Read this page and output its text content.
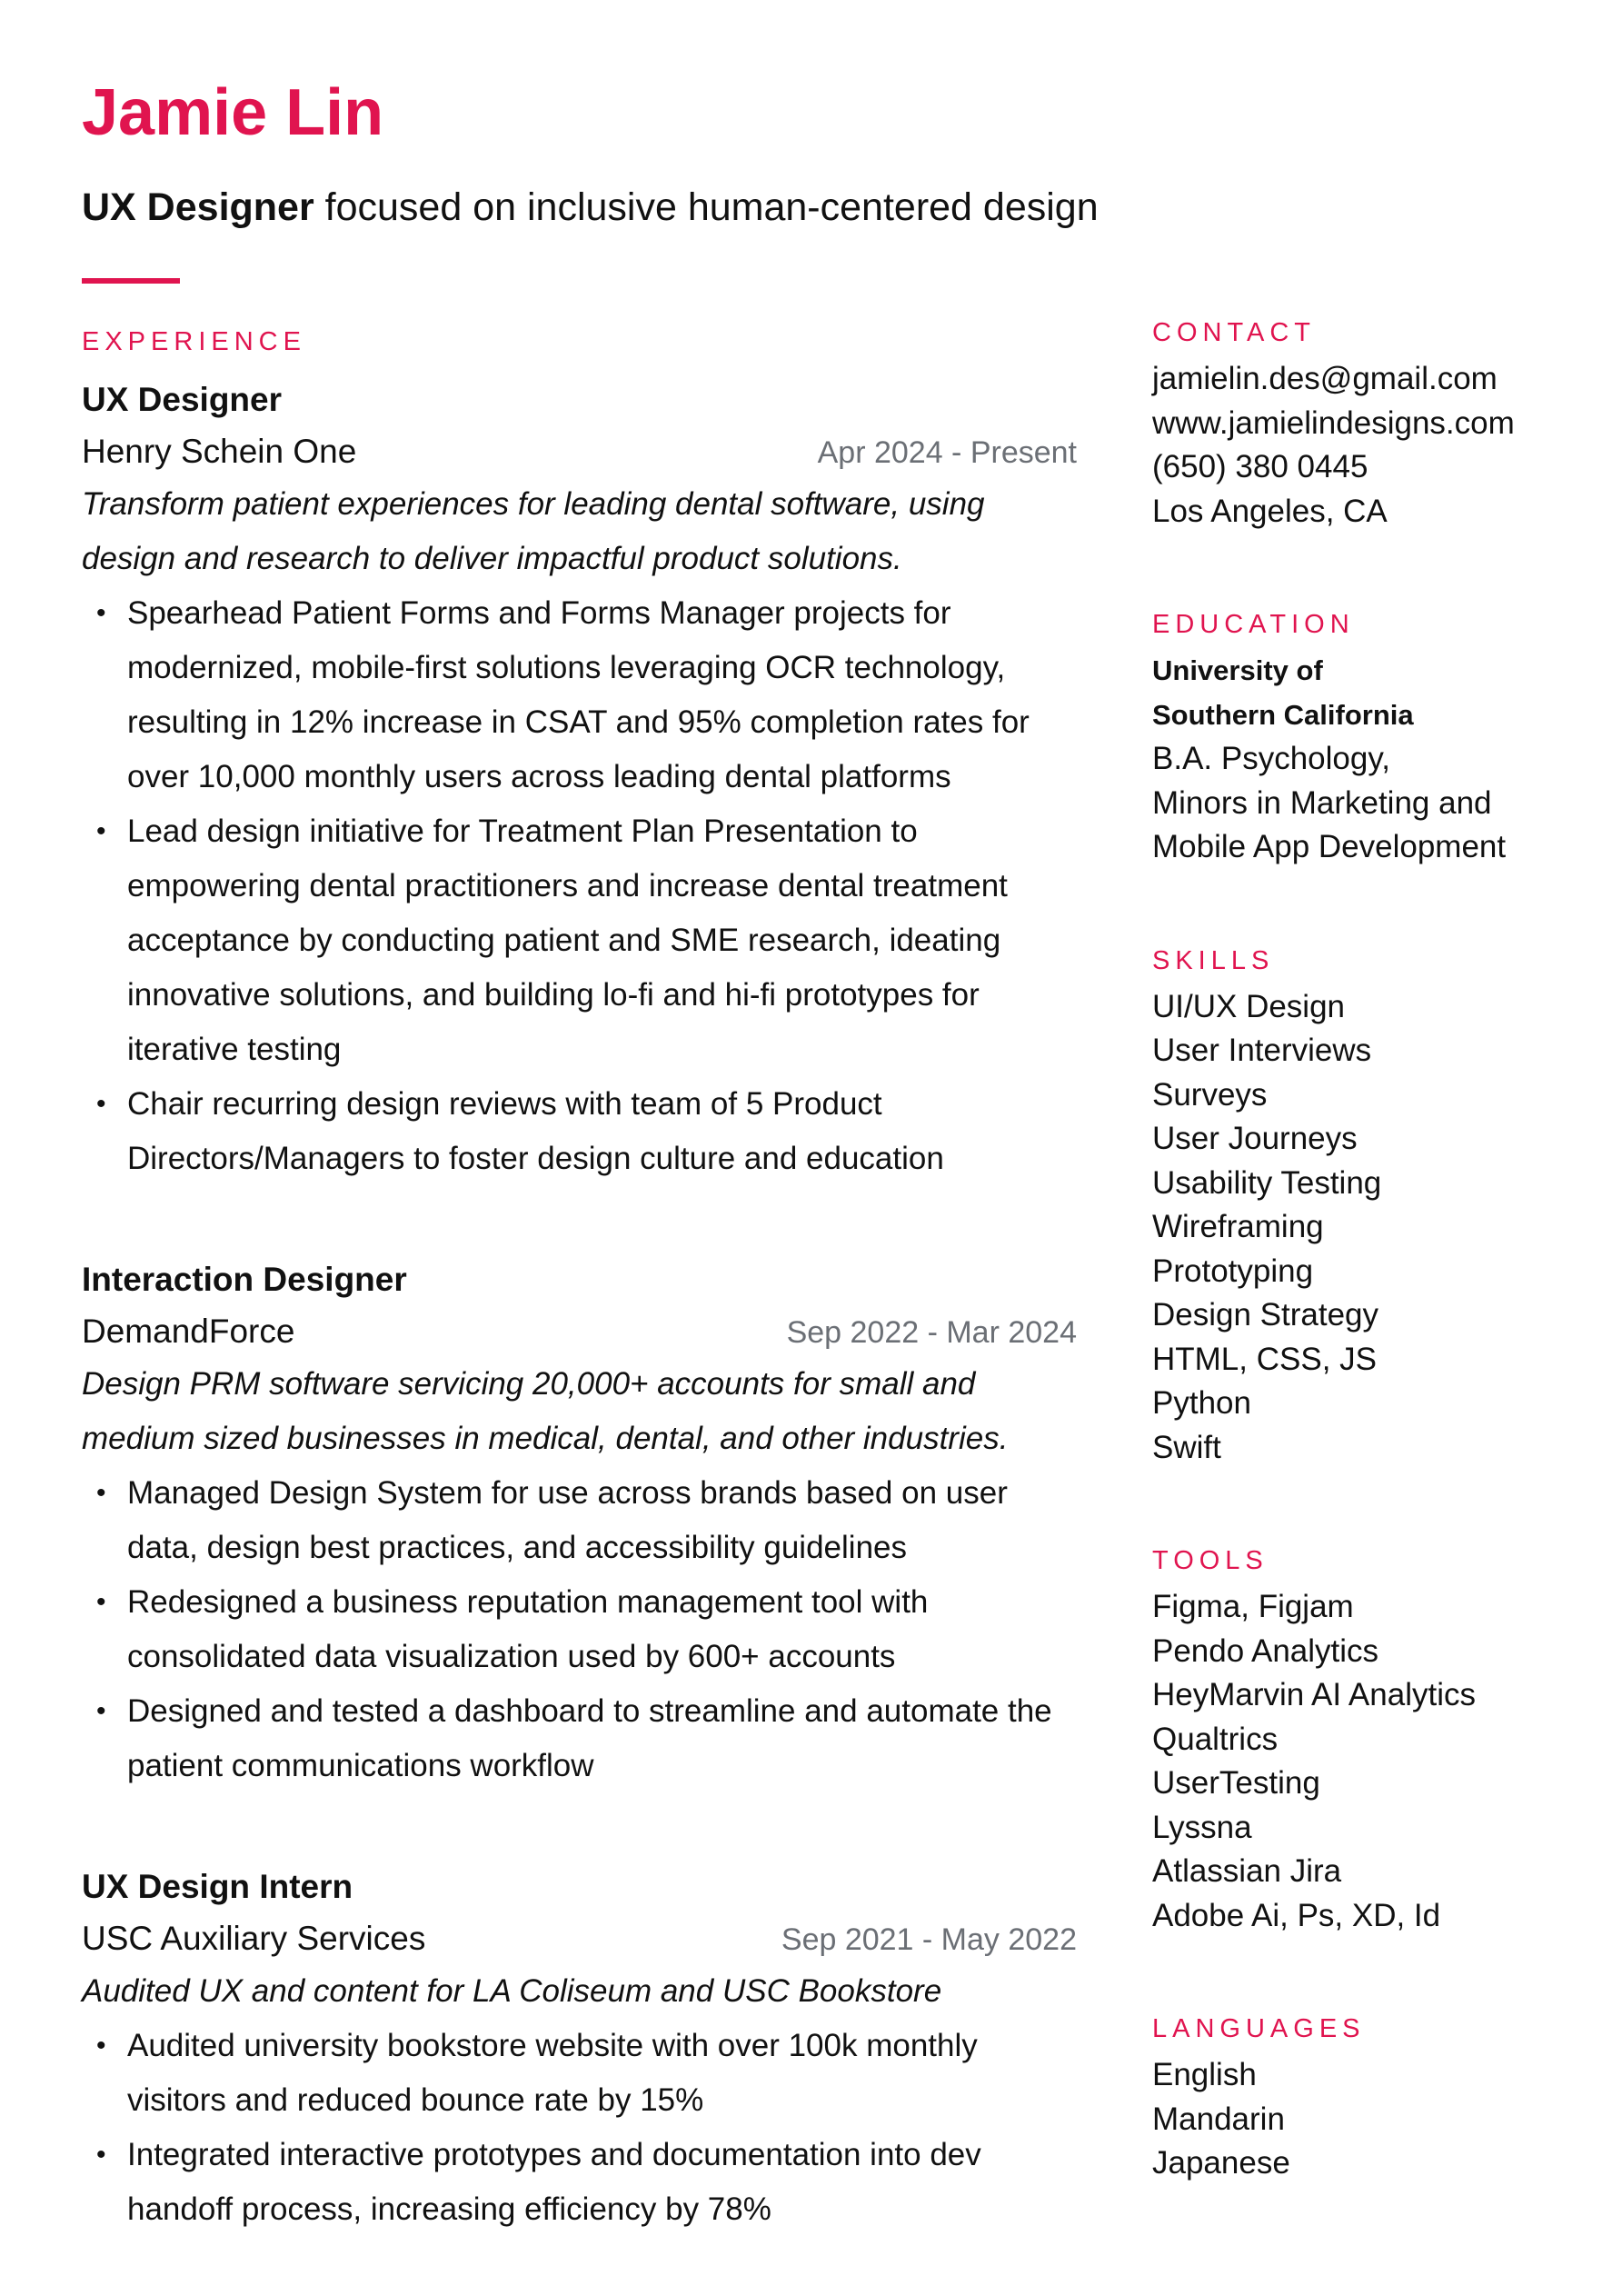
Jamie Lin
UX Designer focused on inclusive human-centered design
EXPERIENCE
UX Designer
Henry Schein One	Apr 2024 - Present
Transform patient experiences for leading dental software, using design and research to deliver impactful product solutions.
• Spearhead Patient Forms and Forms Manager projects for modernized, mobile-first solutions leveraging OCR technology, resulting in 12% increase in CSAT and 95% completion rates for over 10,000 monthly users across leading dental platforms
• Lead design initiative for Treatment Plan Presentation to empowering dental practitioners and increase dental treatment acceptance by conducting patient and SME research, ideating innovative solutions, and building lo-fi and hi-fi prototypes for iterative testing
• Chair recurring design reviews with team of 5 Product Directors/Managers to foster design culture and education
Interaction Designer
DemandForce	Sep 2022 - Mar 2024
Design PRM software servicing 20,000+ accounts for small and medium sized businesses in medical, dental, and other industries.
• Managed Design System for use across brands based on user data, design best practices, and accessibility guidelines
• Redesigned a business reputation management tool with consolidated data visualization used by 600+ accounts
• Designed and tested a dashboard to streamline and automate the patient communications workflow
UX Design Intern
USC Auxiliary Services	Sep 2021 - May 2022
Audited UX and content for LA Coliseum and USC Bookstore
• Audited university bookstore website with over 100k monthly visitors and reduced bounce rate by 15%
• Integrated interactive prototypes and documentation into dev handoff process, increasing efficiency by 78%
CONTACT
jamielin.des@gmail.com
www.jamielindesigns.com
(650) 380 0445
Los Angeles, CA
EDUCATION
University of
Southern California
B.A. Psychology,
Minors in Marketing and
Mobile App Development
SKILLS
UI/UX Design
User Interviews
Surveys
User Journeys
Usability Testing
Wireframing
Prototyping
Design Strategy
HTML, CSS, JS
Python
Swift
TOOLS
Figma, Figjam
Pendo Analytics
HeyMarvin AI Analytics
Qualtrics
UserTesting
Lyssna
Atlassian Jira
Adobe Ai, Ps, XD, Id
LANGUAGES
English
Mandarin
Japanese
